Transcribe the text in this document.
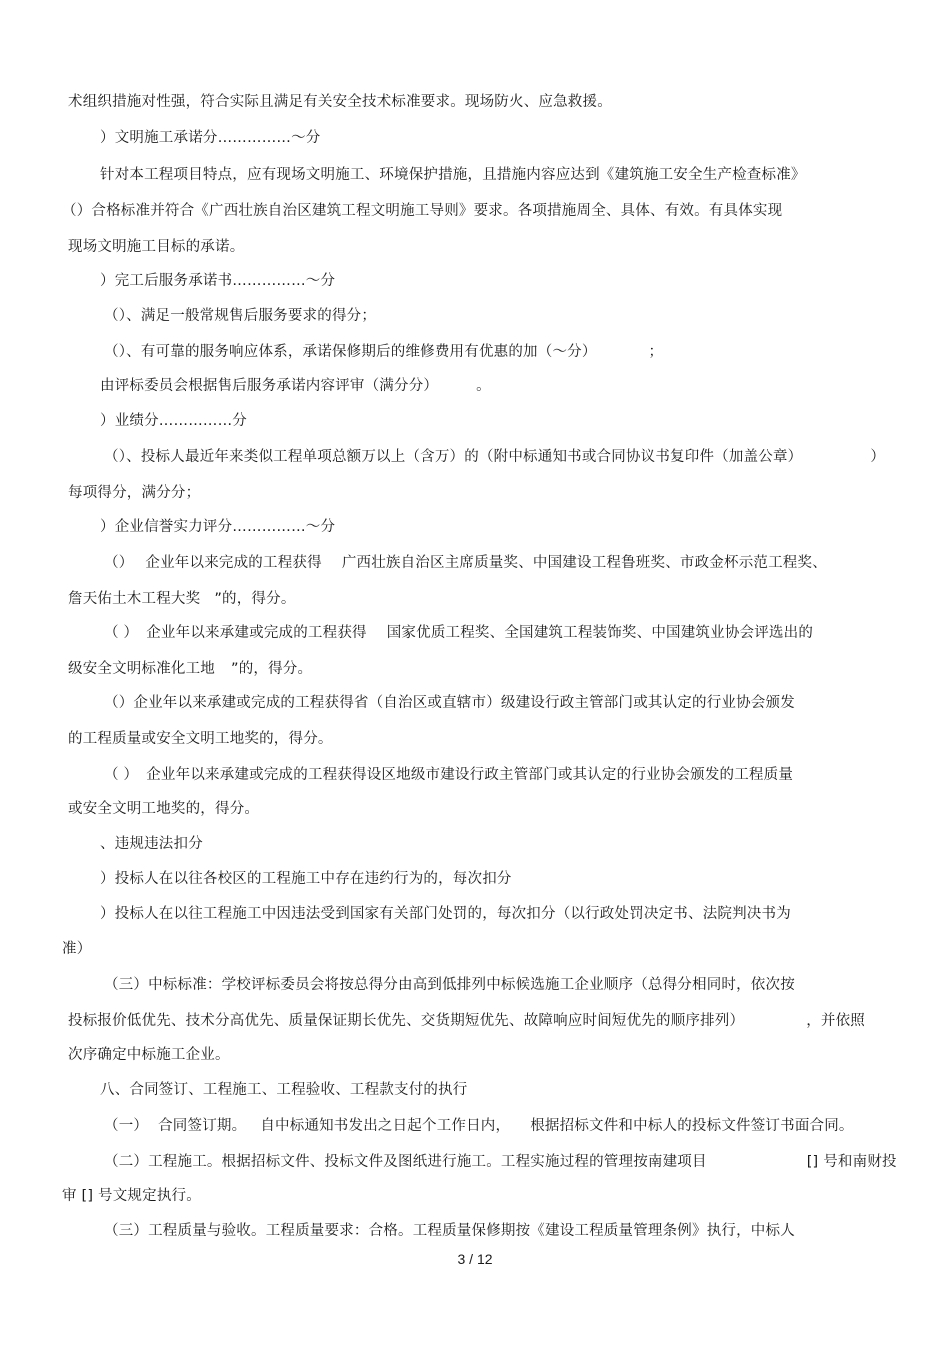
术组织措施对性强，符合实际且满足有关安全技术标准要求。现场防火、应急救援。
）文明施工承诺分……………～分
针对本工程项目特点，应有现场文明施工、环境保护措施，且措施内容应达到《建筑施工安全生产检查标准》
（）合格标准并符合《广西壮族自治区建筑工程文明施工导则》要求。各项措施周全、具体、有效。有具体实现
现场文明施工目标的承诺。
）完工后服务承诺书……………～分
（）、满足一般常规售后服务要求的得分；
（）、有可靠的服务响应体系，承诺保修期后的维修费用有优惠的加（～分）	；
由评标委员会根据售后服务承诺内容评审（满分分）	。
）业绩分……………分
（）、投标人最近年来类似工程单项总额万以上（含万）的（附中标通知书或合同协议书复印件（加盖公章）	）
每项得分，满分分；
）企业信誉实力评分……………～分
（） 企业年以来完成的工程获得 广西壮族自治区主席质量奖、中国建设工程鲁班奖、市政金杯示范工程奖、
詹天佑土木工程大奖 ”的，得分。
（ ） 企业年以来承建或完成的工程获得 国家优质工程奖、全国建筑工程装饰奖、中国建筑业协会评选出的
级安全文明标准化工地 ”的，得分。
（）企业年以来承建或完成的工程获得省（自治区或直辖市）级建设行政主管部门或其认定的行业协会颁发
的工程质量或安全文明工地奖的，得分。
（ ） 企业年以来承建或完成的工程获得设区地级市建设行政主管部门或其认定的行业协会颁发的工程质量
或安全文明工地奖的，得分。
、违规违法扣分
）投标人在以往各校区的工程施工中存在违约行为的，每次扣分
）投标人在以往工程施工中因违法受到国家有关部门处罚的，每次扣分（以行政处罚决定书、法院判决书为
准）
（三）中标标准：学校评标委员会将按总得分由高到低排列中标候选施工企业顺序（总得分相同时，依次按
投标报价低优先、技术分高优先、质量保证期长优先、交货期短优先、故障响应时间短优先的顺序排列）	，并依照
次序确定中标施工企业。
八、合同签订、工程施工、工程验收、工程款支付的执行
（一） 合同签订期。 自中标通知书发出之日起个工作日内， 根据招标文件和中标人的投标文件签订书面合同。
（二）工程施工。根据招标文件、投标文件及图纸进行施工。工程实施过程的管理按南建项目	[] 号和南财投
审 [] 号文规定执行。
（三）工程质量与验收。工程质量要求：合格。工程质量保修期按《建设工程质量管理条例》执行，中标人
3 / 12
